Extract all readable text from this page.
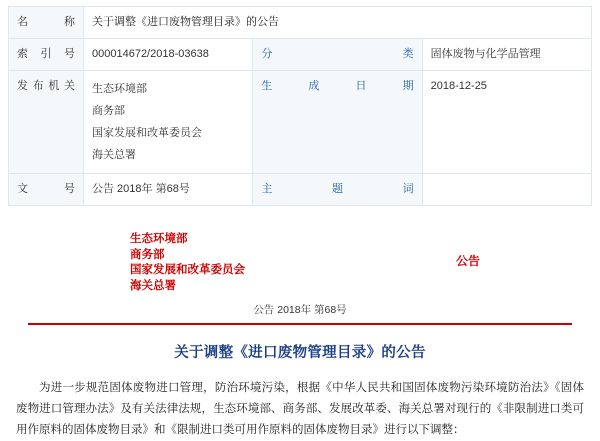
名 称	关于调整《进口废物管理目录》的公告		
索 引 号	000014672/2018-03638	分 类	固体废物与化学品管理
发布机关	生态环境部
商务部
国家发展和改革委员会
海关总署	生成日期	2018-12-25
文 号	公告 2018年 第68号	主 题 词	
生态环境部
商务部
国家发展和改革委员会
海关总署
公告
公告 2018年 第68号
关于调整《进口废物管理目录》的公告
为进一步规范固体废物进口管理，防治环境污染，根据《中华人民共和国固体废物污染环境防治法》《固体废物进口管理办法》及有关法律法规，生态环境部、商务部、发展改革委、海关总署对现行的《非限制进口类可用作原料的固体废物目录》和《限制进口类可用作原料的固体废物目录》进行以下调整：
